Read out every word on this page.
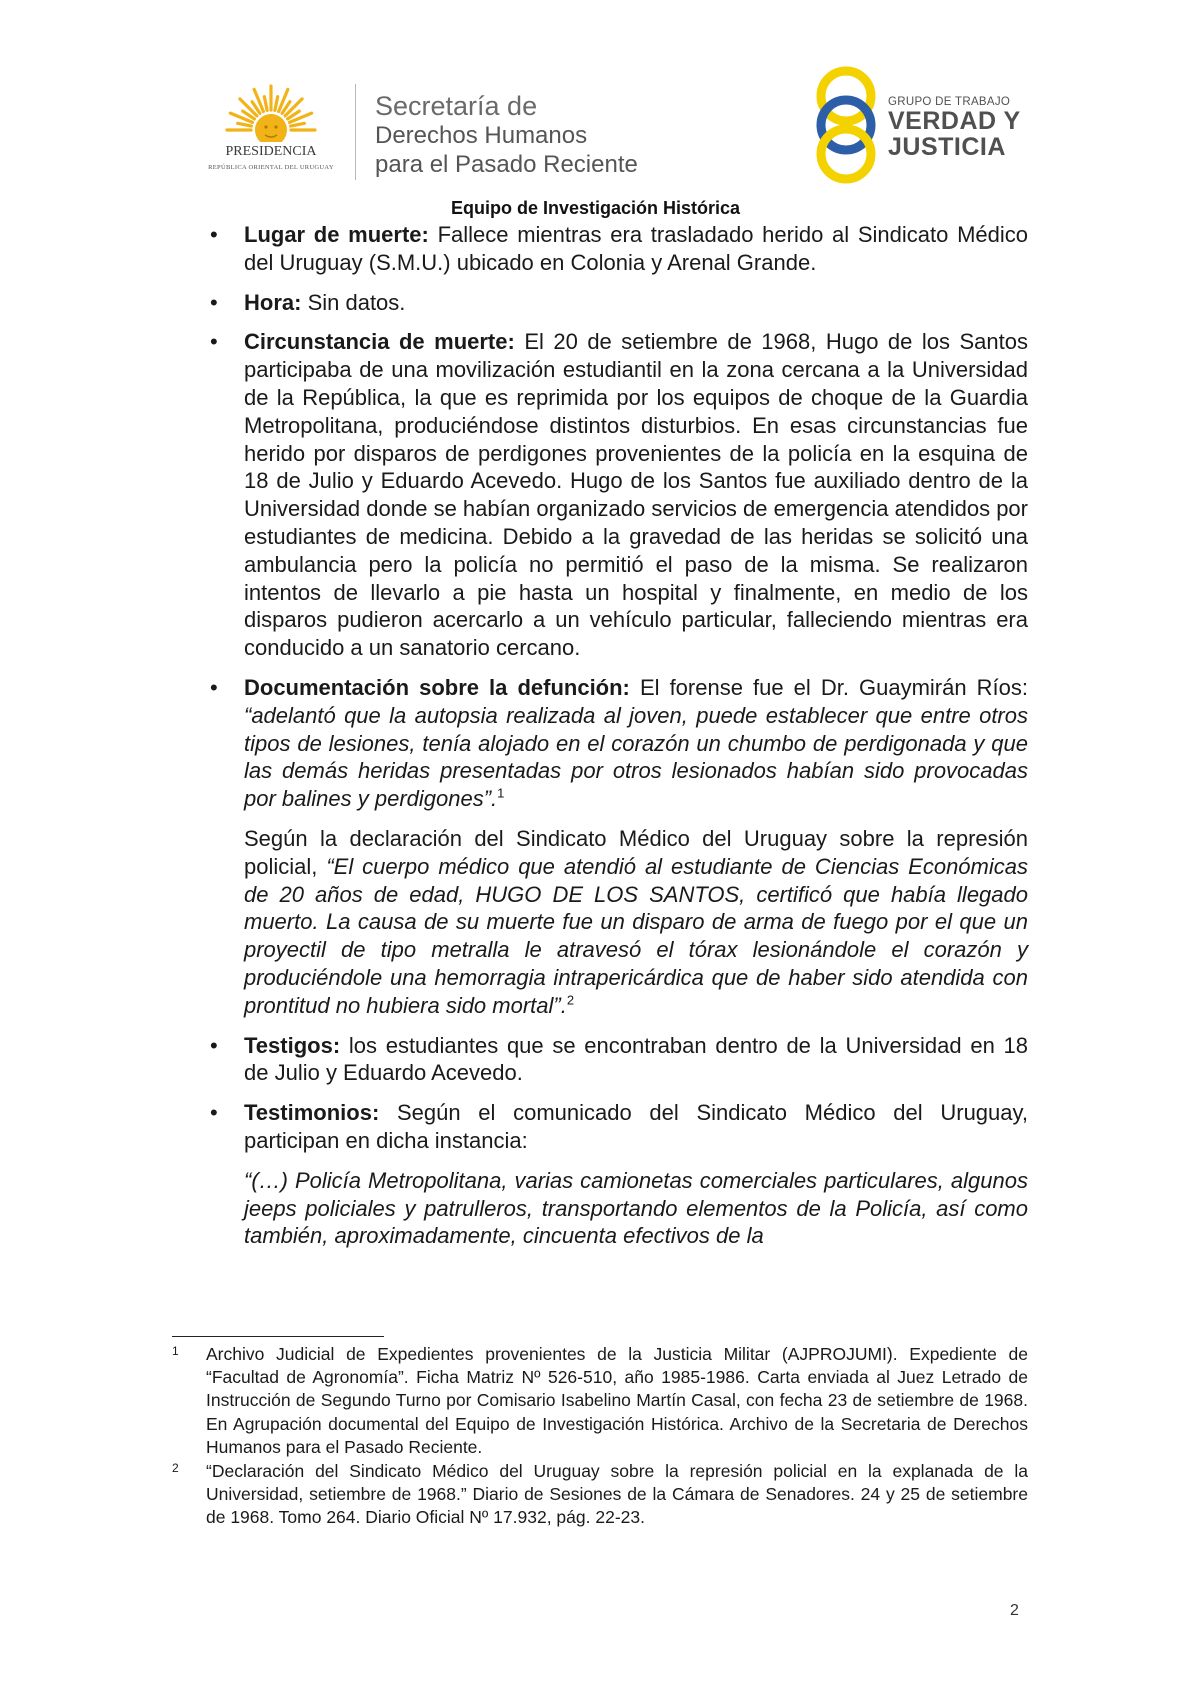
PRESIDENCIA
REPÚBLICA ORIENTAL DEL URUGUAY
Secretaría de
Derechos Humanos
para el Pasado Reciente
GRUPO DE TRABAJO
VERDAD Y
JUSTICIA
Equipo de Investigación Histórica
• Lugar de muerte: Fallece mientras era trasladado herido al Sindicato Médico del Uruguay (S.M.U.) ubicado en Colonia y Arenal Grande.
• Hora: Sin datos.
• Circunstancia de muerte: El 20 de setiembre de 1968, Hugo de los Santos participaba de una movilización estudiantil en la zona cercana a la Universidad de la República, la que es reprimida por los equipos de choque de la Guardia Metropolitana, produciéndose distintos disturbios. En esas circunstancias fue herido por disparos de perdigones provenientes de la policía en la esquina de 18 de Julio y Eduardo Acevedo. Hugo de los Santos fue auxiliado dentro de la Universidad donde se habían organizado servicios de emergencia atendidos por estudiantes de medicina. Debido a la gravedad de las heridas se solicitó una ambulancia pero la policía no permitió el paso de la misma. Se realizaron intentos de llevarlo a pie hasta un hospital y finalmente, en medio de los disparos pudieron acercarlo a un vehículo particular, falleciendo mientras era conducido a un sanatorio cercano.
• Documentación sobre la defunción: El forense fue el Dr. Guaymirán Ríos: “adelantó que la autopsia realizada al joven, puede establecer que entre otros tipos de lesiones, tenía alojado en el corazón un chumbo de perdigonada y que las demás heridas presentadas por otros lesionados habían sido provocadas por balines y perdigones”.$^1$
Según la declaración del Sindicato Médico del Uruguay sobre la represión policial, “El cuerpo médico que atendió al estudiante de Ciencias Económicas de 20 años de edad, HUGO DE LOS SANTOS, certificó que había llegado muerto. La causa de su muerte fue un disparo de arma de fuego por el que un proyectil de tipo metralla le atravesó el tórax lesionándole el corazón y produciéndole una hemorragia intrapericárdica que de haber sido atendida con prontitud no hubiera sido mortal”.$^2$
• Testigos: los estudiantes que se encontraban dentro de la Universidad en 18 de Julio y Eduardo Acevedo.
• Testimonios: Según el comunicado del Sindicato Médico del Uruguay, participan en dicha instancia:
“(…) Policía Metropolitana, varias camionetas comerciales particulares, algunos jeeps policiales y patrulleros, transportando elementos de la Policía, así como también, aproximadamente, cincuenta efectivos de la
1 Archivo Judicial de Expedientes provenientes de la Justicia Militar (AJPROJUMI). Expediente de “Facultad de Agronomía”. Ficha Matriz Nº 526-510, año 1985-1986. Carta enviada al Juez Letrado de Instrucción de Segundo Turno por Comisario Isabelino Martín Casal, con fecha 23 de setiembre de 1968. En Agrupación documental del Equipo de Investigación Histórica. Archivo de la Secretaria de Derechos Humanos para el Pasado Reciente.
2 “Declaración del Sindicato Médico del Uruguay sobre la represión policial en la explanada de la Universidad, setiembre de 1968.” Diario de Sesiones de la Cámara de Senadores. 24 y 25 de setiembre de 1968. Tomo 264. Diario Oficial Nº 17.932, pág. 22-23.
2
